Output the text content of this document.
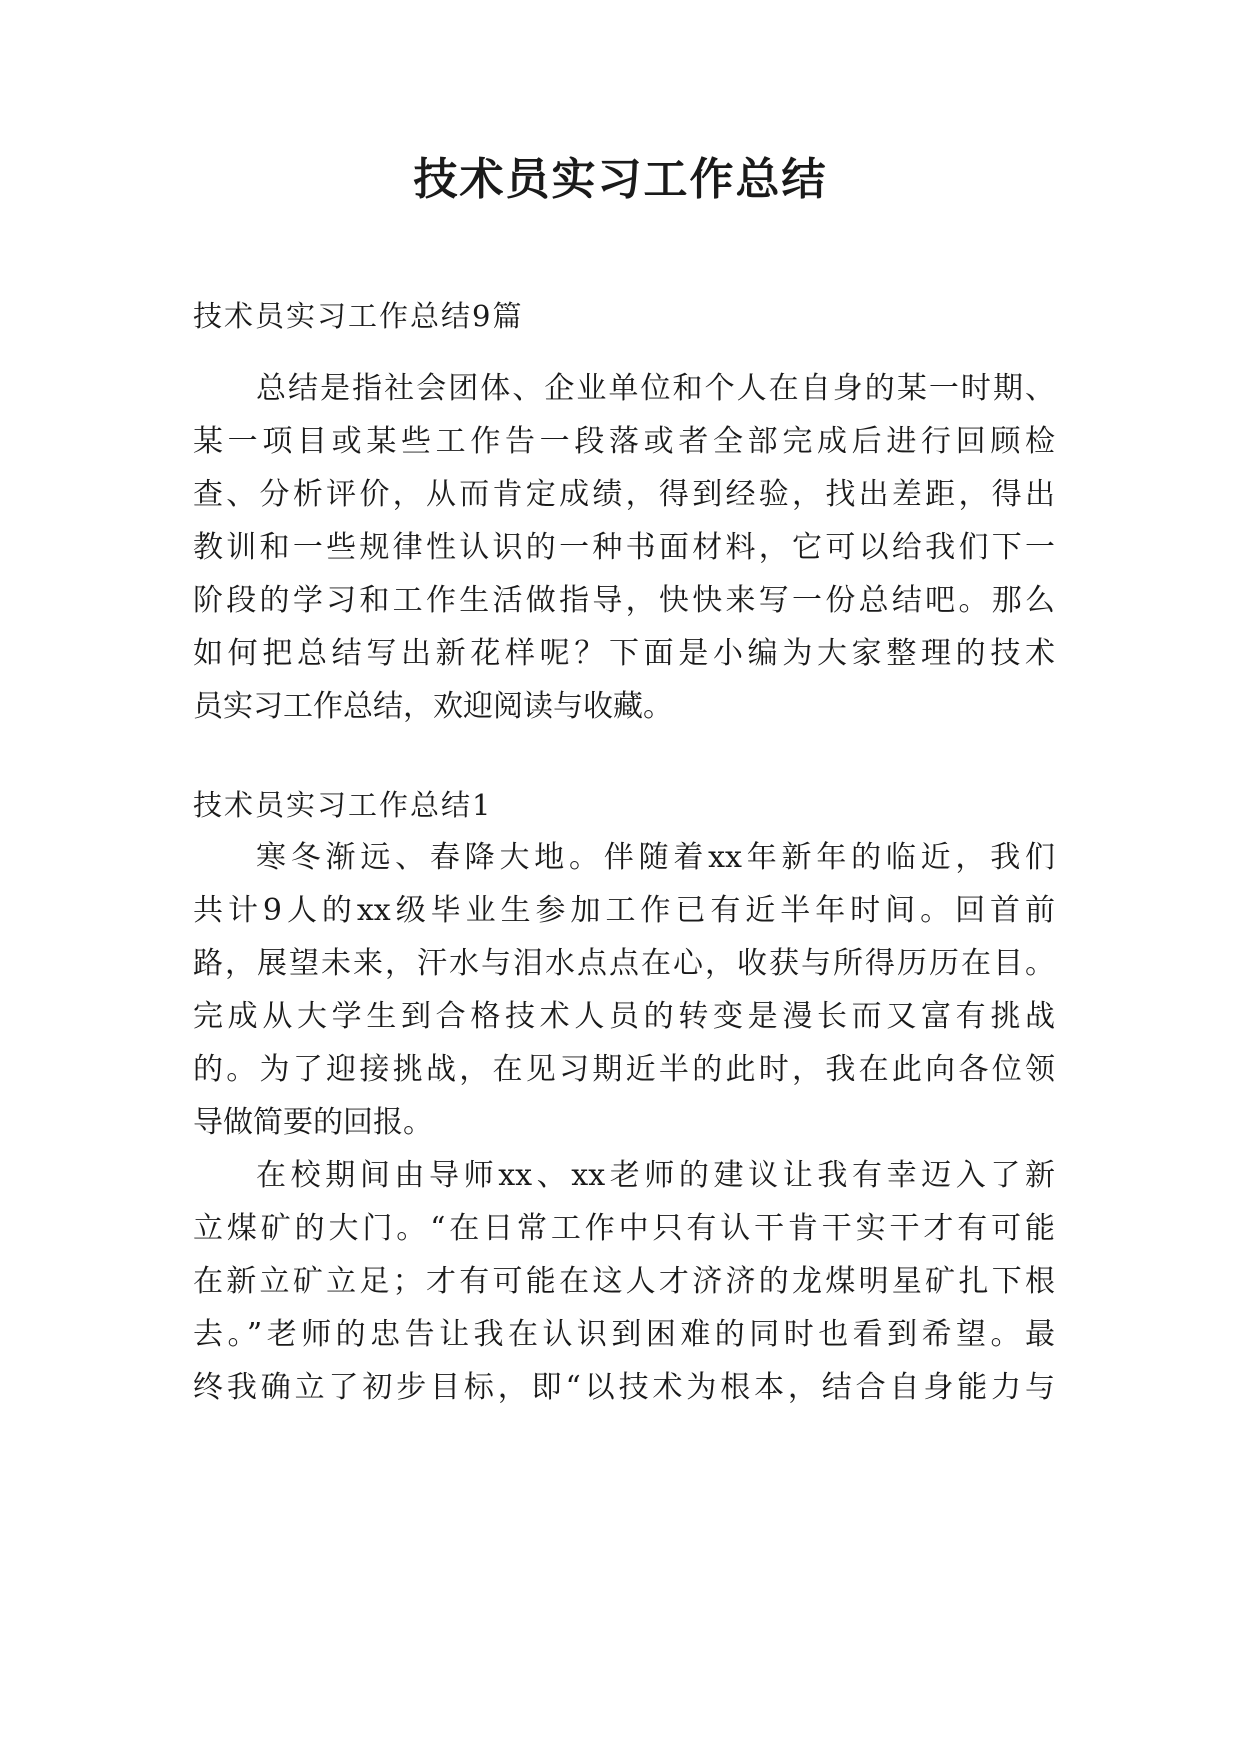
技术员实习工作总结

技术员实习工作总结9篇

总结是指社会团体、企业单位和个人在自身的某一时期、

某一项目或某些工作告一段落或者全部完成后进行回顾检

查、分析评价，从而肯定成绩，得到经验，找出差距，得出

教训和一些规律性认识的一种书面材料，它可以给我们下一

阶段的学习和工作生活做指导，快快来写一份总结吧。那么

如何把总结写出新花样呢？下面是小编为大家整理的技术

员实习工作总结，欢迎阅读与收藏。

技术员实习工作总结1

寒冬渐远、春降大地。伴随着xx年新年的临近，我们

共计9人的xx级毕业生参加工作已有近半年时间。回首前

路，展望未来，汗水与泪水点点在心，收获与所得历历在目。

完成从大学生到合格技术人员的转变是漫长而又富有挑战

的。为了迎接挑战，在见习期近半的此时，我在此向各位领

导做简要的回报。

在校期间由导师xx、xx老师的建议让我有幸迈入了新

立煤矿的大门。“在日常工作中只有认干肯干实干才有可能

在新立矿立足；才有可能在这人才济济的龙煤明星矿扎下根

去。”老师的忠告让我在认识到困难的同时也看到希望。最

终我确立了初步目标，即“以技术为根本，结合自身能力与
